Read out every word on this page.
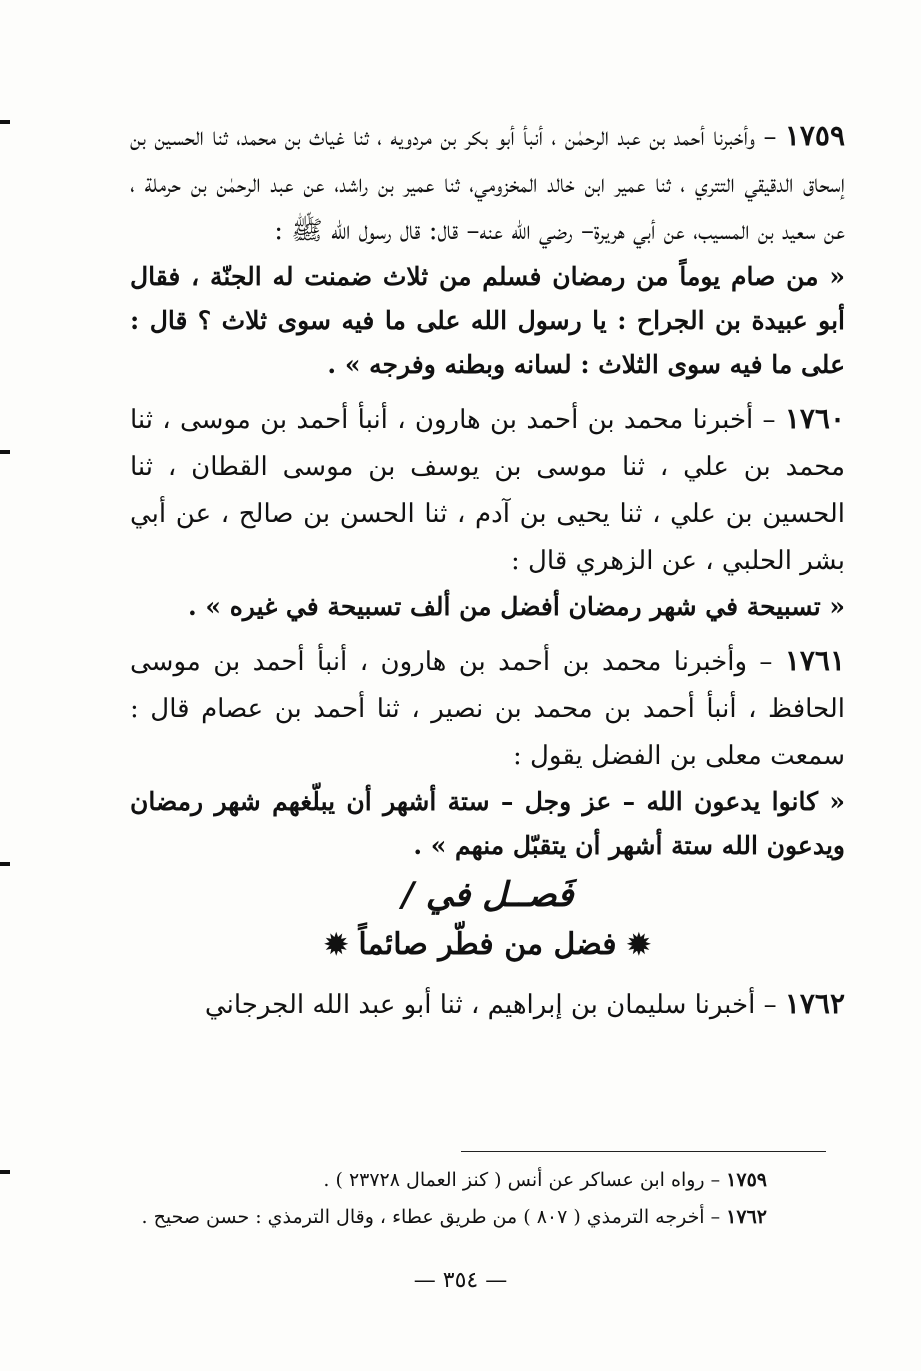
١٧٥٩ – وأخبرنا أحمد بن عبد الرحمٰن ، أنبأ أبو بكر بن مردويه ، ثنا غياث بن محمد، ثنا الحسين بن إسحاق الدقيقي التتري ، ثنا عمير ابن خالد المخزومي، ثنا عمير بن راشد، عن عبد الرحمٰن بن حرملة ، عن سعيد بن المسيب، عن أبي هريرة– رضي الله عنه– قال: قال رسول الله ﷺ :

« من صام يوماً من رمضان فسلم من ثلاث ضمنت له الجنّة ، فقال أبو عبيدة بن الجراح : يا رسول الله على ما فيه سوى ثلاث ؟ قال : على ما فيه سوى الثلاث : لسانه وبطنه وفرجه » .

١٧٦٠ – أخبرنا محمد بن أحمد بن هارون ، أنبأ أحمد بن موسى ، ثنا محمد بن علي ، ثنا موسى بن يوسف بن موسى القطان ، ثنا الحسين بن علي ، ثنا يحيى بن آدم ، ثنا الحسن بن صالح ، عن أبي بشر الحلبي ، عن الزهري قال :

« تسبيحة في شهر رمضان أفضل من ألف تسبيحة في غيره » .

١٧٦١ – وأخبرنا محمد بن أحمد بن هارون ، أنبأ أحمد بن موسى الحافظ ، أنبأ أحمد بن محمد بن نصير ، ثنا أحمد بن عصام قال : سمعت معلى بن الفضل يقول :

« كانوا يدعون الله – عز وجل – ستة أشهر أن يبلّغهم شهر رمضان ويدعون الله ستة أشهر أن يتقبّل منهم » .

فَصــل في /
✹ فضل من فطّر صائماً ✹

١٧٦٢ – أخبرنا سليمان بن إبراهيم ، ثنا أبو عبد الله الجرجاني

١٧٥٩ – رواه ابن عساكر عن أنس ( كنز العمال ٢٣٧٢٨ ) .
١٧٦٢ – أخرجه الترمذي ( ٨٠٧ ) من طريق عطاء ، وقال الترمذي : حسن صحيح .
— ٣٥٤ —
